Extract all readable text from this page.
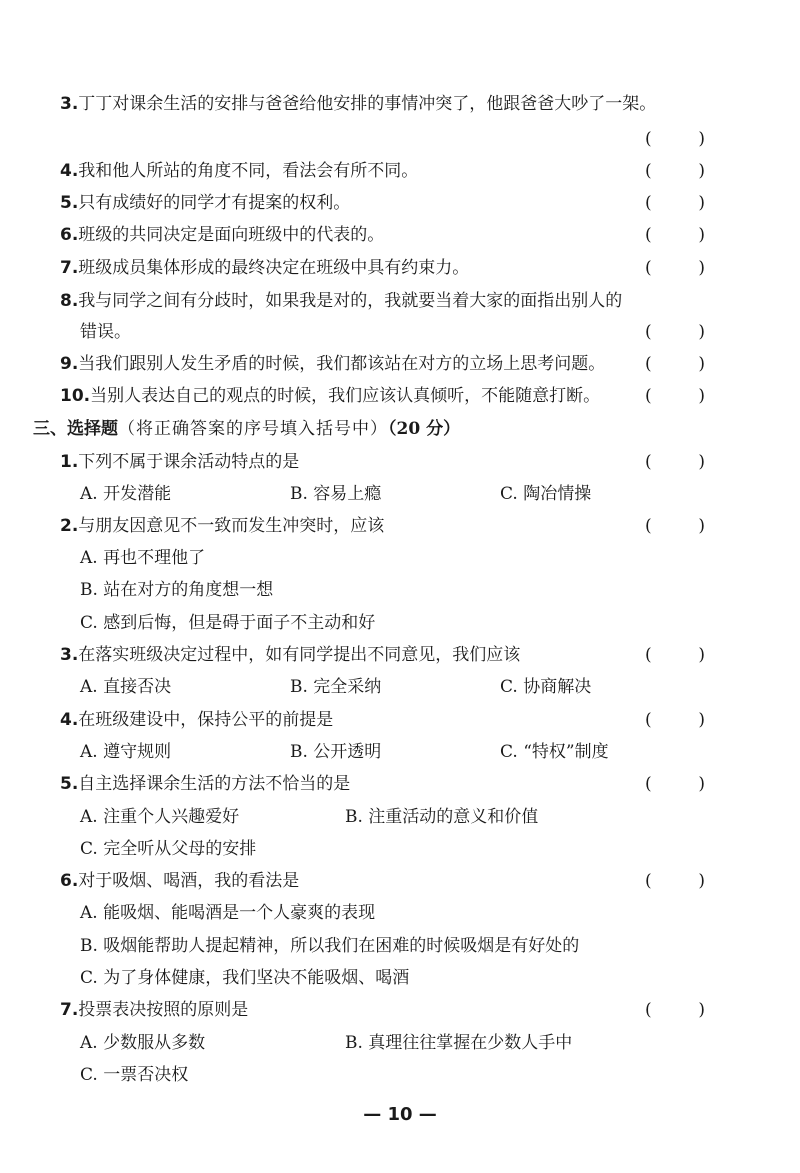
3.丁丁对课余生活的安排与爸爸给他安排的事情冲突了，他跟爸爸大吵了一架。
(	)
4.我和他人所站的角度不同，看法会有所不同。	(	)
5.只有成绩好的同学才有提案的权利。	(	)
6.班级的共同决定是面向班级中的代表的。	(	)
7.班级成员集体形成的最终决定在班级中具有约束力。	(	)
8.我与同学之间有分歧时，如果我是对的，我就要当着大家的面指出别人的
错误。	(	)
9.当我们跟别人发生矛盾的时候，我们都该站在对方的立场上思考问题。 (	)
10.当别人表达自己的观点的时候，我们应该认真倾听，不能随意打断。	(	)
三、选择题（将正确答案的序号填入括号中）（20 分）
1.下列不属于课余活动特点的是	(	)
A. 开发潜能	B. 容易上瘾	C. 陶冶情操
2.与朋友因意见不一致而发生冲突时，应该	(	)
A. 再也不理他了
B. 站在对方的角度想一想
C. 感到后悔，但是碍于面子不主动和好
3.在落实班级决定过程中，如有同学提出不同意见，我们应该	(	)
A. 直接否决	B. 完全采纳	C. 协商解决
4.在班级建设中，保持公平的前提是	(	)
A. 遵守规则	B. 公开透明	C. “特权”制度
5.自主选择课余生活的方法不恰当的是	(	)
A. 注重个人兴趣爱好	B. 注重活动的意义和价值
C. 完全听从父母的安排
6.对于吸烟、喝酒，我的看法是	(	)
A. 能吸烟、能喝酒是一个人豪爽的表现
B. 吸烟能帮助人提起精神，所以我们在困难的时候吸烟是有好处的
C. 为了身体健康，我们坚决不能吸烟、喝酒
7.投票表决按照的原则是	(	)
A. 少数服从多数	B. 真理往往掌握在少数人手中
C. 一票否决权
— 10 —
